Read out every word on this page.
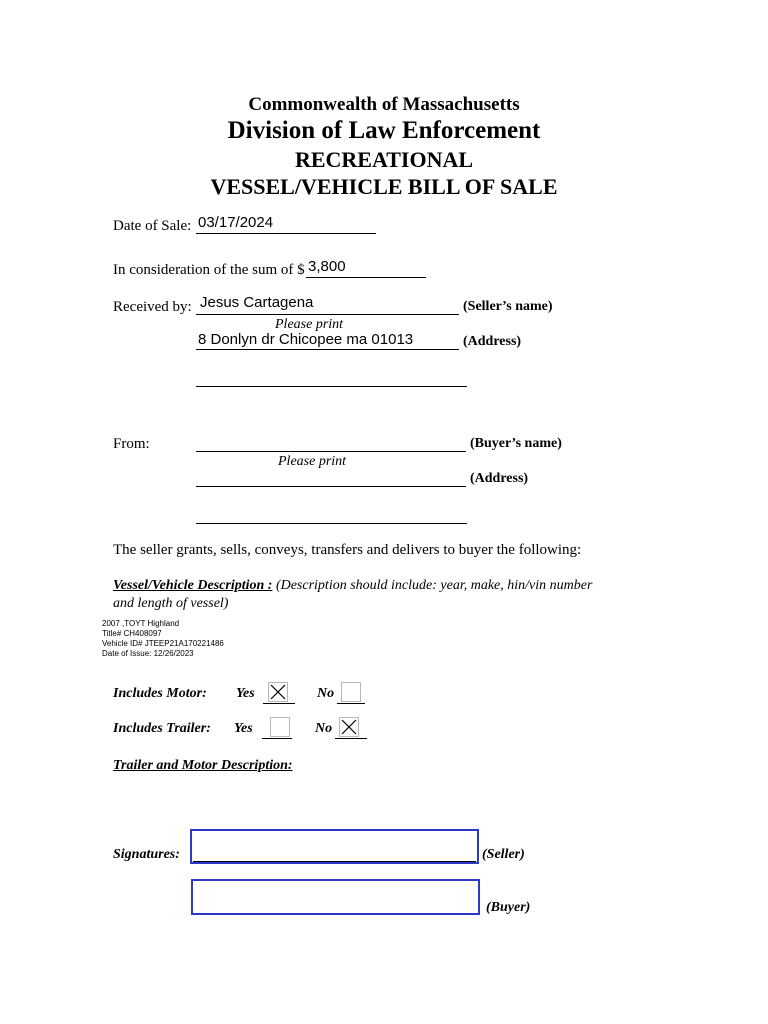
Commonwealth of Massachusetts
Division of Law Enforcement
RECREATIONAL
VESSEL/VEHICLE BILL OF SALE
Date of Sale: 03/17/2024
In consideration of the sum of $ 3,800
Received by: Jesus Cartagena	(Seller’s name)
Please print
8 Donlyn dr Chicopee ma 01013	(Address)
From:	(Buyer’s name)
Please print
(Address)
The seller grants, sells, conveys, transfers and delivers to buyer the following:
Vessel/Vehicle Description : (Description should include: year, make, hin/vin number
and length of vessel)
2007 ,TOYT Highland
Title# CH408097
Vehicle ID# JTEEP21A170221486
Date of Issue: 12/26/2023
Includes Motor: Yes	No
Includes Trailer: Yes	No
Trailer and Motor Description:
Signatures:	(Seller)
(Buyer)
